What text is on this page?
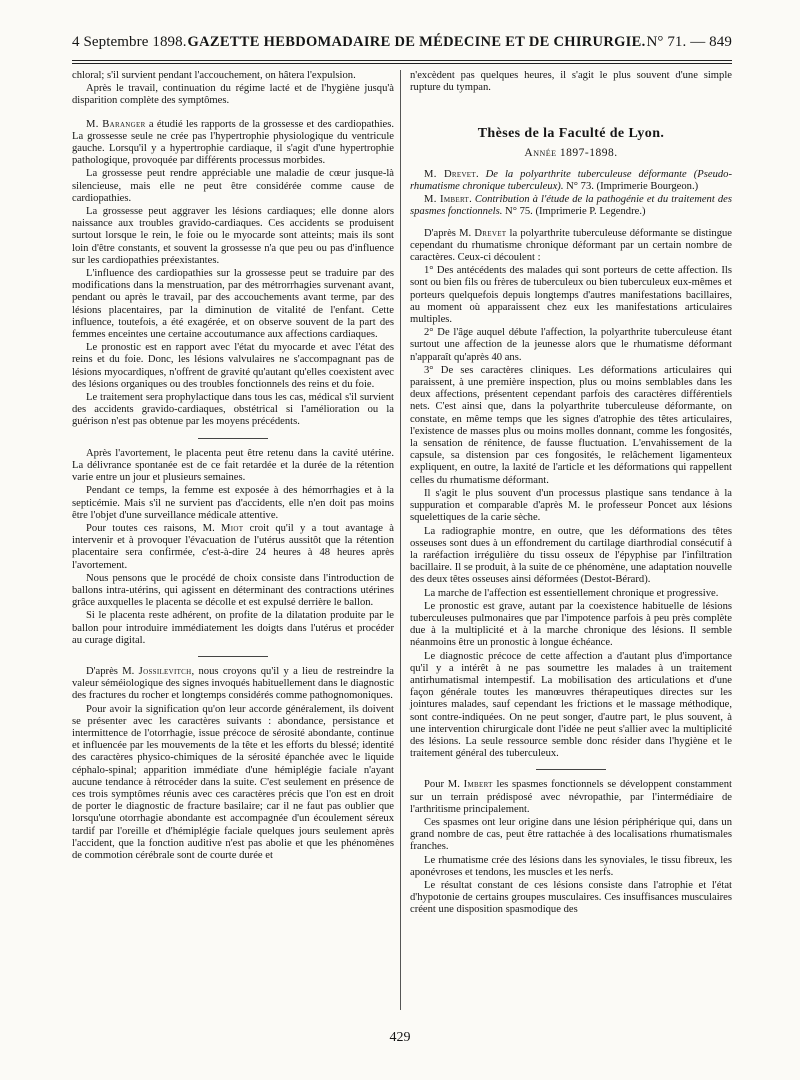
4 Septembre 1898. GAZETTE HEBDOMADAIRE DE MÉDECINE ET DE CHIRURGIE. N° 71. — 849

chloral; s'il survient pendant l'accouchement, on hâtera l'expulsion.

Après le travail, continuation du régime lacté et de l'hygiène jusqu'à disparition complète des symptômes.

M. Baranger a étudié les rapports de la grossesse et des cardiopathies. La grossesse seule ne crée pas l'hypertrophie physiologique du ventricule gauche. Lorsqu'il y a hypertrophie cardiaque, il s'agit d'une hypertrophie pathologique, provoquée par différents processus morbides.

La grossesse peut rendre appréciable une maladie de cœur jusque-là silencieuse, mais elle ne peut être considérée comme cause de cardiopathies.

La grossesse peut aggraver les lésions cardiaques; elle donne alors naissance aux troubles gravido-cardiaques. Ces accidents se produisent surtout lorsque le rein, le foie ou le myocarde sont atteints; mais ils sont loin d'être constants, et souvent la grossesse n'a que peu ou pas d'influence sur les cardiopathies préexistantes.

L'influence des cardiopathies sur la grossesse peut se traduire par des modifications dans la menstruation, par des métrorrhagies survenant avant, pendant ou après le travail, par des accouchements avant terme, par des lésions placentaires, par la diminution de vitalité de l'enfant. Cette influence, toutefois, a été exagérée, et on observe souvent de la part des femmes enceintes une certaine accoutumance aux affections cardiaques.

Le pronostic est en rapport avec l'état du myocarde et avec l'état des reins et du foie. Donc, les lésions valvulaires ne s'accompagnant pas de lésions myocardiques, n'offrent de gravité qu'autant qu'elles coexistent avec des lésions organiques ou des troubles fonctionnels des reins et du foie.

Le traitement sera prophylactique dans tous les cas, médical s'il survient des accidents gravido-cardiaques, obstétrical si l'amélioration ou la guérison n'est pas obtenue par les moyens précédents.

Après l'avortement, le placenta peut être retenu dans la cavité utérine. La délivrance spontanée est de ce fait retardée et la durée de la rétention varie entre un jour et plusieurs semaines.

Pendant ce temps, la femme est exposée à des hémorrhagies et à la septicémie. Mais s'il ne survient pas d'accidents, elle n'en doit pas moins être l'objet d'une surveillance médicale attentive.

Pour toutes ces raisons, M. Miot croit qu'il y a tout avantage à intervenir et à provoquer l'évacuation de l'utérus aussitôt que la rétention placentaire sera confirmée, c'est-à-dire 24 heures à 48 heures après l'avortement.

Nous pensons que le procédé de choix consiste dans l'introduction de ballons intra-utérins, qui agissent en déterminant des contractions utérines grâce auxquelles le placenta se décolle et est expulsé derrière le ballon.

Si le placenta reste adhérent, on profite de la dilatation produite par le ballon pour introduire immédiatement les doigts dans l'utérus et procéder au curage digital.

D'après M. Jossilevitch, nous croyons qu'il y a lieu de restreindre la valeur séméiologique des signes invoqués habituellement dans le diagnostic des fractures du rocher et longtemps considérés comme pathognomoniques.

Pour avoir la signification qu'on leur accorde généralement, ils doivent se présenter avec les caractères suivants : abondance, persistance et intermittence de l'otorrhagie, issue précoce de sérosité abondante, continue et influencée par les mouvements de la tête et les efforts du blessé; identité des caractères physico-chimiques de la sérosité épanchée avec le liquide céphalo-spinal; apparition immédiate d'une hémiplégie faciale n'ayant aucune tendance à rétrocéder dans la suite. C'est seulement en présence de ces trois symptômes réunis avec ces caractères précis que l'on est en droit de porter le diagnostic de fracture basilaire; car il ne faut pas oublier que lorsqu'une otorrhagie abondante est accompagnée d'un écoulement séreux tardif par l'oreille et d'hémiplégie faciale quelques jours seulement après l'accident, que la fonction auditive n'est pas abolie et que les phénomènes de commotion cérébrale sont de courte durée et

n'excèdent pas quelques heures, il s'agit le plus souvent d'une simple rupture du tympan.

Thèses de la Faculté de Lyon.
Année 1897-1898.

M. Drevet. De la polyarthrite tuberculeuse déformante (Pseudo-rhumatisme chronique tuberculeux). N° 73. (Imprimerie Bourgeon.)

M. Imbert. Contribution à l'étude de la pathogénie et du traitement des spasmes fonctionnels. N° 75. (Imprimerie P. Legendre.)

D'après M. Drevet la polyarthrite tuberculeuse déformante se distingue cependant du rhumatisme chronique déformant par un certain nombre de caractères. Ceux-ci découlent :

1° Des antécédents des malades qui sont porteurs de cette affection. Ils sont ou bien fils ou frères de tuberculeux ou bien tuberculeux eux-mêmes et porteurs quelquefois depuis longtemps d'autres manifestations bacillaires, au moment où apparaissent chez eux les manifestations articulaires multiples.

2° De l'âge auquel débute l'affection, la polyarthrite tuberculeuse étant surtout une affection de la jeunesse alors que le rhumatisme déformant n'apparaît qu'après 40 ans.

3° De ses caractères cliniques. Les déformations articulaires qui paraissent, à une première inspection, plus ou moins semblables dans les deux affections, présentent cependant parfois des caractères différentiels nets. C'est ainsi que, dans la polyarthrite tuberculeuse déformante, on constate, en même temps que les signes d'atrophie des têtes articulaires, l'existence de masses plus ou moins molles donnant, comme les fongosités, la sensation de rénitence, de fausse fluctuation. L'envahissement de la capsule, sa distension par ces fongosités, le relâchement ligamenteux expliquent, en outre, la laxité de l'article et les déformations qui rappellent celles du rhumatisme déformant.

Il s'agit le plus souvent d'un processus plastique sans tendance à la suppuration et comparable d'après M. le professeur Poncet aux lésions squelettiques de la carie sèche.

La radiographie montre, en outre, que les déformations des têtes osseuses sont dues à un effondrement du cartilage diarthrodial consécutif à la raréfaction irrégulière du tissu osseux de l'épyphise par l'infiltration bacillaire. Il se produit, à la suite de ce phénomène, une adaptation nouvelle des deux têtes osseuses ainsi déformées (Destot-Bérard).

La marche de l'affection est essentiellement chronique et progressive.

Le pronostic est grave, autant par la coexistence habituelle de lésions tuberculeuses pulmonaires que par l'impotence parfois à peu près complète due à la multiplicité et à la marche chronique des lésions. Il semble néanmoins être un pronostic à longue échéance.

Le diagnostic précoce de cette affection a d'autant plus d'importance qu'il y a intérêt à ne pas soumettre les malades à un traitement antirhumatismal intempestif. La mobilisation des articulations et d'une façon générale toutes les manœuvres thérapeutiques directes sur les jointures malades, sauf cependant les frictions et le massage méthodique, sont contre-indiquées. On ne peut songer, d'autre part, le plus souvent, à une intervention chirurgicale dont l'idée ne peut s'allier avec la multiplicité des lésions. La seule ressource semble donc résider dans l'hygiène et le traitement général des tuberculeux.

Pour M. Imbert les spasmes fonctionnels se développent constamment sur un terrain prédisposé avec névropathie, par l'intermédiaire de l'arthritisme principalement.

Ces spasmes ont leur origine dans une lésion périphérique qui, dans un grand nombre de cas, peut être rattachée à des localisations rhumatismales franches.

Le rhumatisme crée des lésions dans les synoviales, le tissu fibreux, les aponévroses et tendons, les muscles et les nerfs.

Le résultat constant de ces lésions consiste dans l'atrophie et l'état d'hypotonie de certains groupes musculaires. Ces insuffisances musculaires créent une disposition spasmodique des

429
